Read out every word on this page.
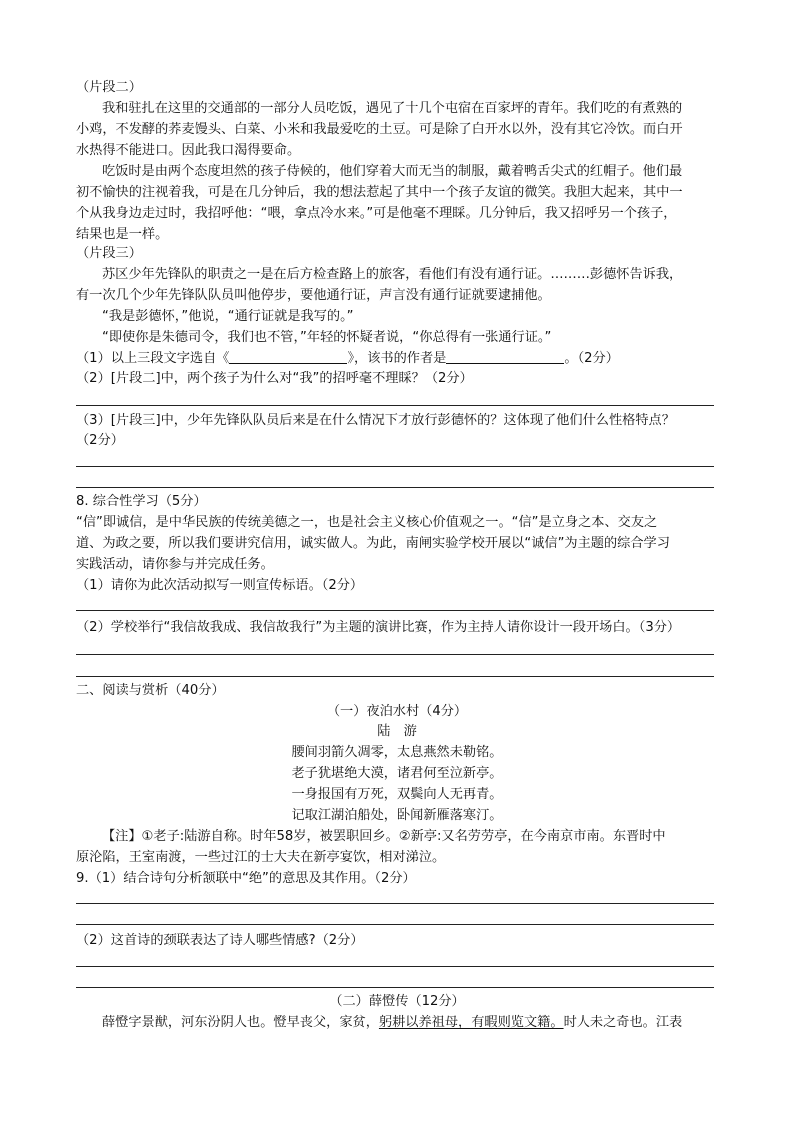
（片段二）
我和驻扎在这里的交通部的一部分人员吃饭，遇见了十几个屯宿在百家坪的青年。我们吃的有煮熟的
小鸡，不发酵的荞麦馒头、白菜、小米和我最爱吃的土豆。可是除了白开水以外，没有其它冷饮。而白开
水热得不能进口。因此我口渴得要命。
吃饭时是由两个态度坦然的孩子侍候的，他们穿着大而无当的制服，戴着鸭舌尖式的红帽子。他们最
初不愉快的注视着我，可是在几分钟后，我的想法惹起了其中一个孩子友谊的微笑。我胆大起来，其中一
个从我身边走过时，我招呼他：“喂，拿点冷水来。”可是他毫不理睬。几分钟后，我又招呼另一个孩子，
结果也是一样。
（片段三）
苏区少年先锋队的职责之一是在后方检查路上的旅客，看他们有没有通行证。………彭德怀告诉我，
有一次几个少年先锋队队员叫他停步，要他通行证，声言没有通行证就要逮捕他。
“我是彭德怀，”他说，“通行证就是我写的。”
“即使你是朱德司令，我们也不管，”年轻的怀疑者说，“你总得有一张通行证。”
（1）以上三段文字选自《	》，该书的作者是	。（2分）
（2）[片段二]中，两个孩子为什么对“我”的招呼毫不理睬？（2分）
（3）[片段三]中，少年先锋队队员后来是在什么情况下才放行彭德怀的？这体现了他们什么性格特点？
（2分）
8. 综合性学习（5分）
“信”即诚信，是中华民族的传统美德之一，也是社会主义核心价值观之一。“信”是立身之本、交友之
道、为政之要，所以我们要讲究信用，诚实做人。为此，南闸实验学校开展以“诚信”为主题的综合学习
实践活动，请你参与并完成任务。
（1）请你为此次活动拟写一则宣传标语。（2分）
（2）学校举行“我信故我成、我信故我行”为主题的演讲比赛，作为主持人请你设计一段开场白。（3分）
二、阅读与赏析（40分）
（一）夜泊水村（4分）
陆　游
腰间羽箭久凋零，太息燕然未勒铭。
老子犹堪绝大漠，诸君何至泣新亭。
一身报国有万死，双鬓向人无再青。
记取江湖泊船处，卧闻新雁落寒汀。
【注】①老子:陆游自称。时年58岁，被罢职回乡。②新亭:又名劳劳亭，在今南京市南。东晋时中
原沦陷，王室南渡，一些过江的士大夫在新亭宴饮，相对涕泣。
9.（1）结合诗句分析颔联中“绝”的意思及其作用。（2分）
（2）这首诗的颈联表达了诗人哪些情感?（2分）
（二）薛憕传（12分）
薛憕字景猷，河东汾阴人也。憕早丧父，家贫，躬耕以养祖母，有暇则览文籍。时人未之奇也。江表
